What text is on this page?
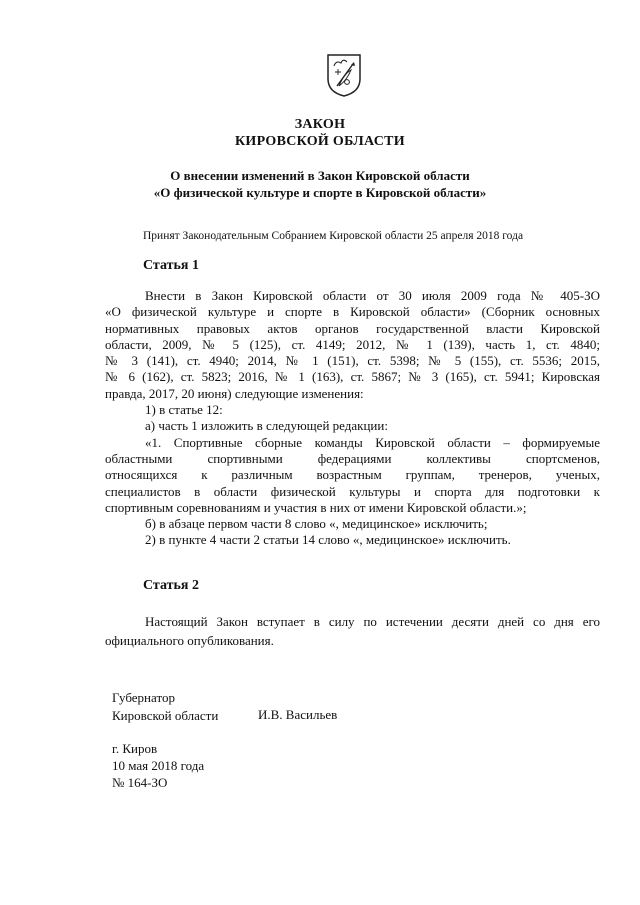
ЗАКОН
КИРОВСКОЙ ОБЛАСТИ
О внесении изменений в Закон Кировской области
«О физической культуре и спорте в Кировской области»
Принят Законодательным Собранием Кировской области 25 апреля 2018 года
Статья 1

Внести в Закон Кировской области от 30 июля 2009 года № 405-ЗО

«О физической культуре и спорте в Кировской области» (Сборник основных

нормативных правовых актов органов государственной власти Кировской

области, 2009, № 5 (125), ст. 4149; 2012, № 1 (139), часть 1, ст. 4840;

№ 3 (141), ст. 4940; 2014, № 1 (151), ст. 5398; № 5 (155), ст. 5536; 2015,

№ 6 (162), ст. 5823; 2016, № 1 (163), ст. 5867; № 3 (165), ст. 5941; Кировская

правда, 2017, 20 июня) следующие изменения:

1) в статье 12:

а) часть 1 изложить в следующей редакции:

«1. Спортивные сборные команды Кировской области – формируемые

областными спортивными федерациями коллективы спортсменов,

относящихся к различным возрастным группам, тренеров, ученых,

специалистов в области физической культуры и спорта для подготовки к

спортивным соревнованиям и участия в них от имени Кировской области.»;

б) в абзаце первом части 8 слово «, медицинское» исключить;

2) в пункте 4 части 2 статьи 14 слово «, медицинское» исключить.

Статья 2

Настоящий Закон вступает в силу по истечении десяти дней со дня его

официального опубликования.

Губернатор
Кировской области	И.В. Васильев
г. Киров
10 мая 2018 года
№ 164-ЗО
